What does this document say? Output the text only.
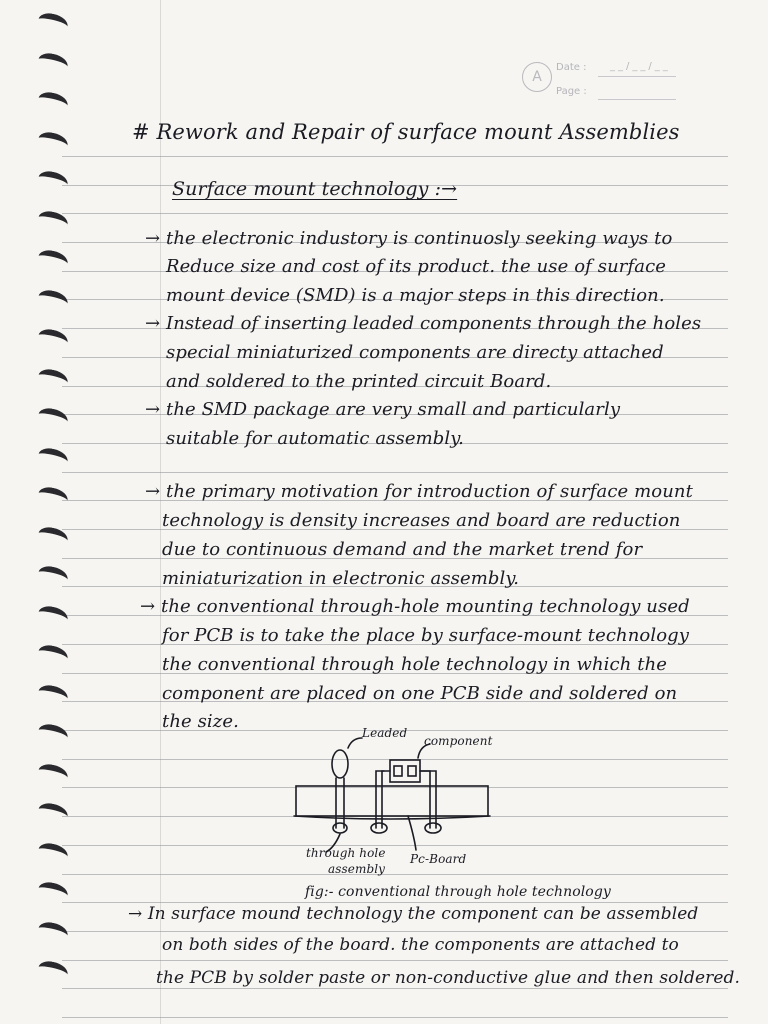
A
Date : __/__/__
Page :
# Rework and Repair of surface mount Assemblies
Surface mount technology :→
→ the electronic industory is continuosly seeking ways to
Reduce size and cost of its product. the use of surface
mount device (SMD) is a major steps in this direction.
→ Instead of inserting leaded components through the holes
special miniaturized components are directy attached
and soldered to the printed circuit Board.
→ the SMD package are very small and particularly
suitable for automatic assembly.
→ the primary motivation for introduction of surface mount
technology is density increases and board are reduction
due to continuous demand and the market trend for
miniaturization in electronic assembly.
→ the conventional through-hole mounting technology used
for PCB is to take the place by surface-mount technology
the conventional through hole technology in which the
component are placed on one PCB side and soldered on
the size.
Leaded
component
through hole
assembly
Pc-Board
fig:- conventional through hole technology
→ In surface mound technology the component can be assembled
on both sides of the board. the components are attached to
the PCB by solder paste or non-conductive glue and then soldered.
